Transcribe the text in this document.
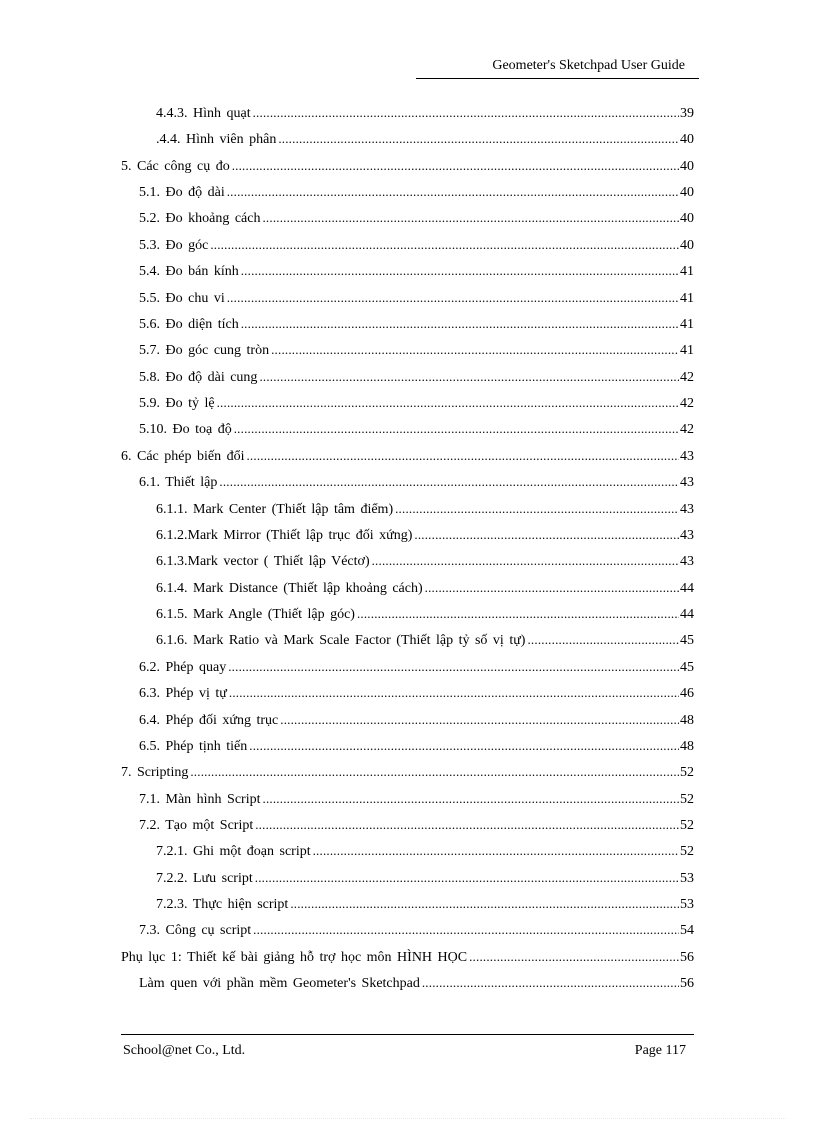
Geometer's Sketchpad User Guide
4.4.3. Hình quạt .....	39
.4.4. Hình viên phân .....	40
5. Các công cụ đo .....	40
5.1. Đo độ dài .....	40
5.2. Đo khoảng cách .....	40
5.3. Đo góc .....	40
5.4. Đo bán kính .....	41
5.5. Đo chu vi .....	41
5.6. Đo diện tích .....	41
5.7. Đo góc cung tròn .....	41
5.8. Đo độ dài cung .....	42
5.9. Đo tỷ lệ .....	42
5.10. Đo toạ độ .....	42
6. Các phép biến đổi .....	43
6.1. Thiết lập .....	43
6.1.1. Mark Center (Thiết lập tâm điểm) .....	43
6.1.2.Mark Mirror (Thiết lập trục đối xứng) .....	43
6.1.3.Mark vector ( Thiết lập Véctơ) .....	43
6.1.4. Mark Distance (Thiết lập khoảng cách) .....	44
6.1.5. Mark Angle (Thiết lập góc) .....	44
6.1.6. Mark Ratio và Mark Scale Factor (Thiết lập tỷ số vị tự) .....	45
6.2. Phép quay .....	45
6.3. Phép vị tự .....	46
6.4. Phép đối xứng trục .....	48
6.5. Phép tịnh tiến .....	48
7. Scripting .....	52
7.1. Màn hình Script .....	52
7.2. Tạo một Script .....	52
7.2.1. Ghi một đoạn script .....	52
7.2.2. Lưu script .....	53
7.2.3. Thực hiện script .....	53
7.3. Công cụ script .....	54
Phụ lục 1: Thiết kế bài giảng hỗ trợ học môn HÌNH HỌC .....	56
Làm quen với phần mềm Geometer's Sketchpad .....	56
School@net Co., Ltd.	Page 117
